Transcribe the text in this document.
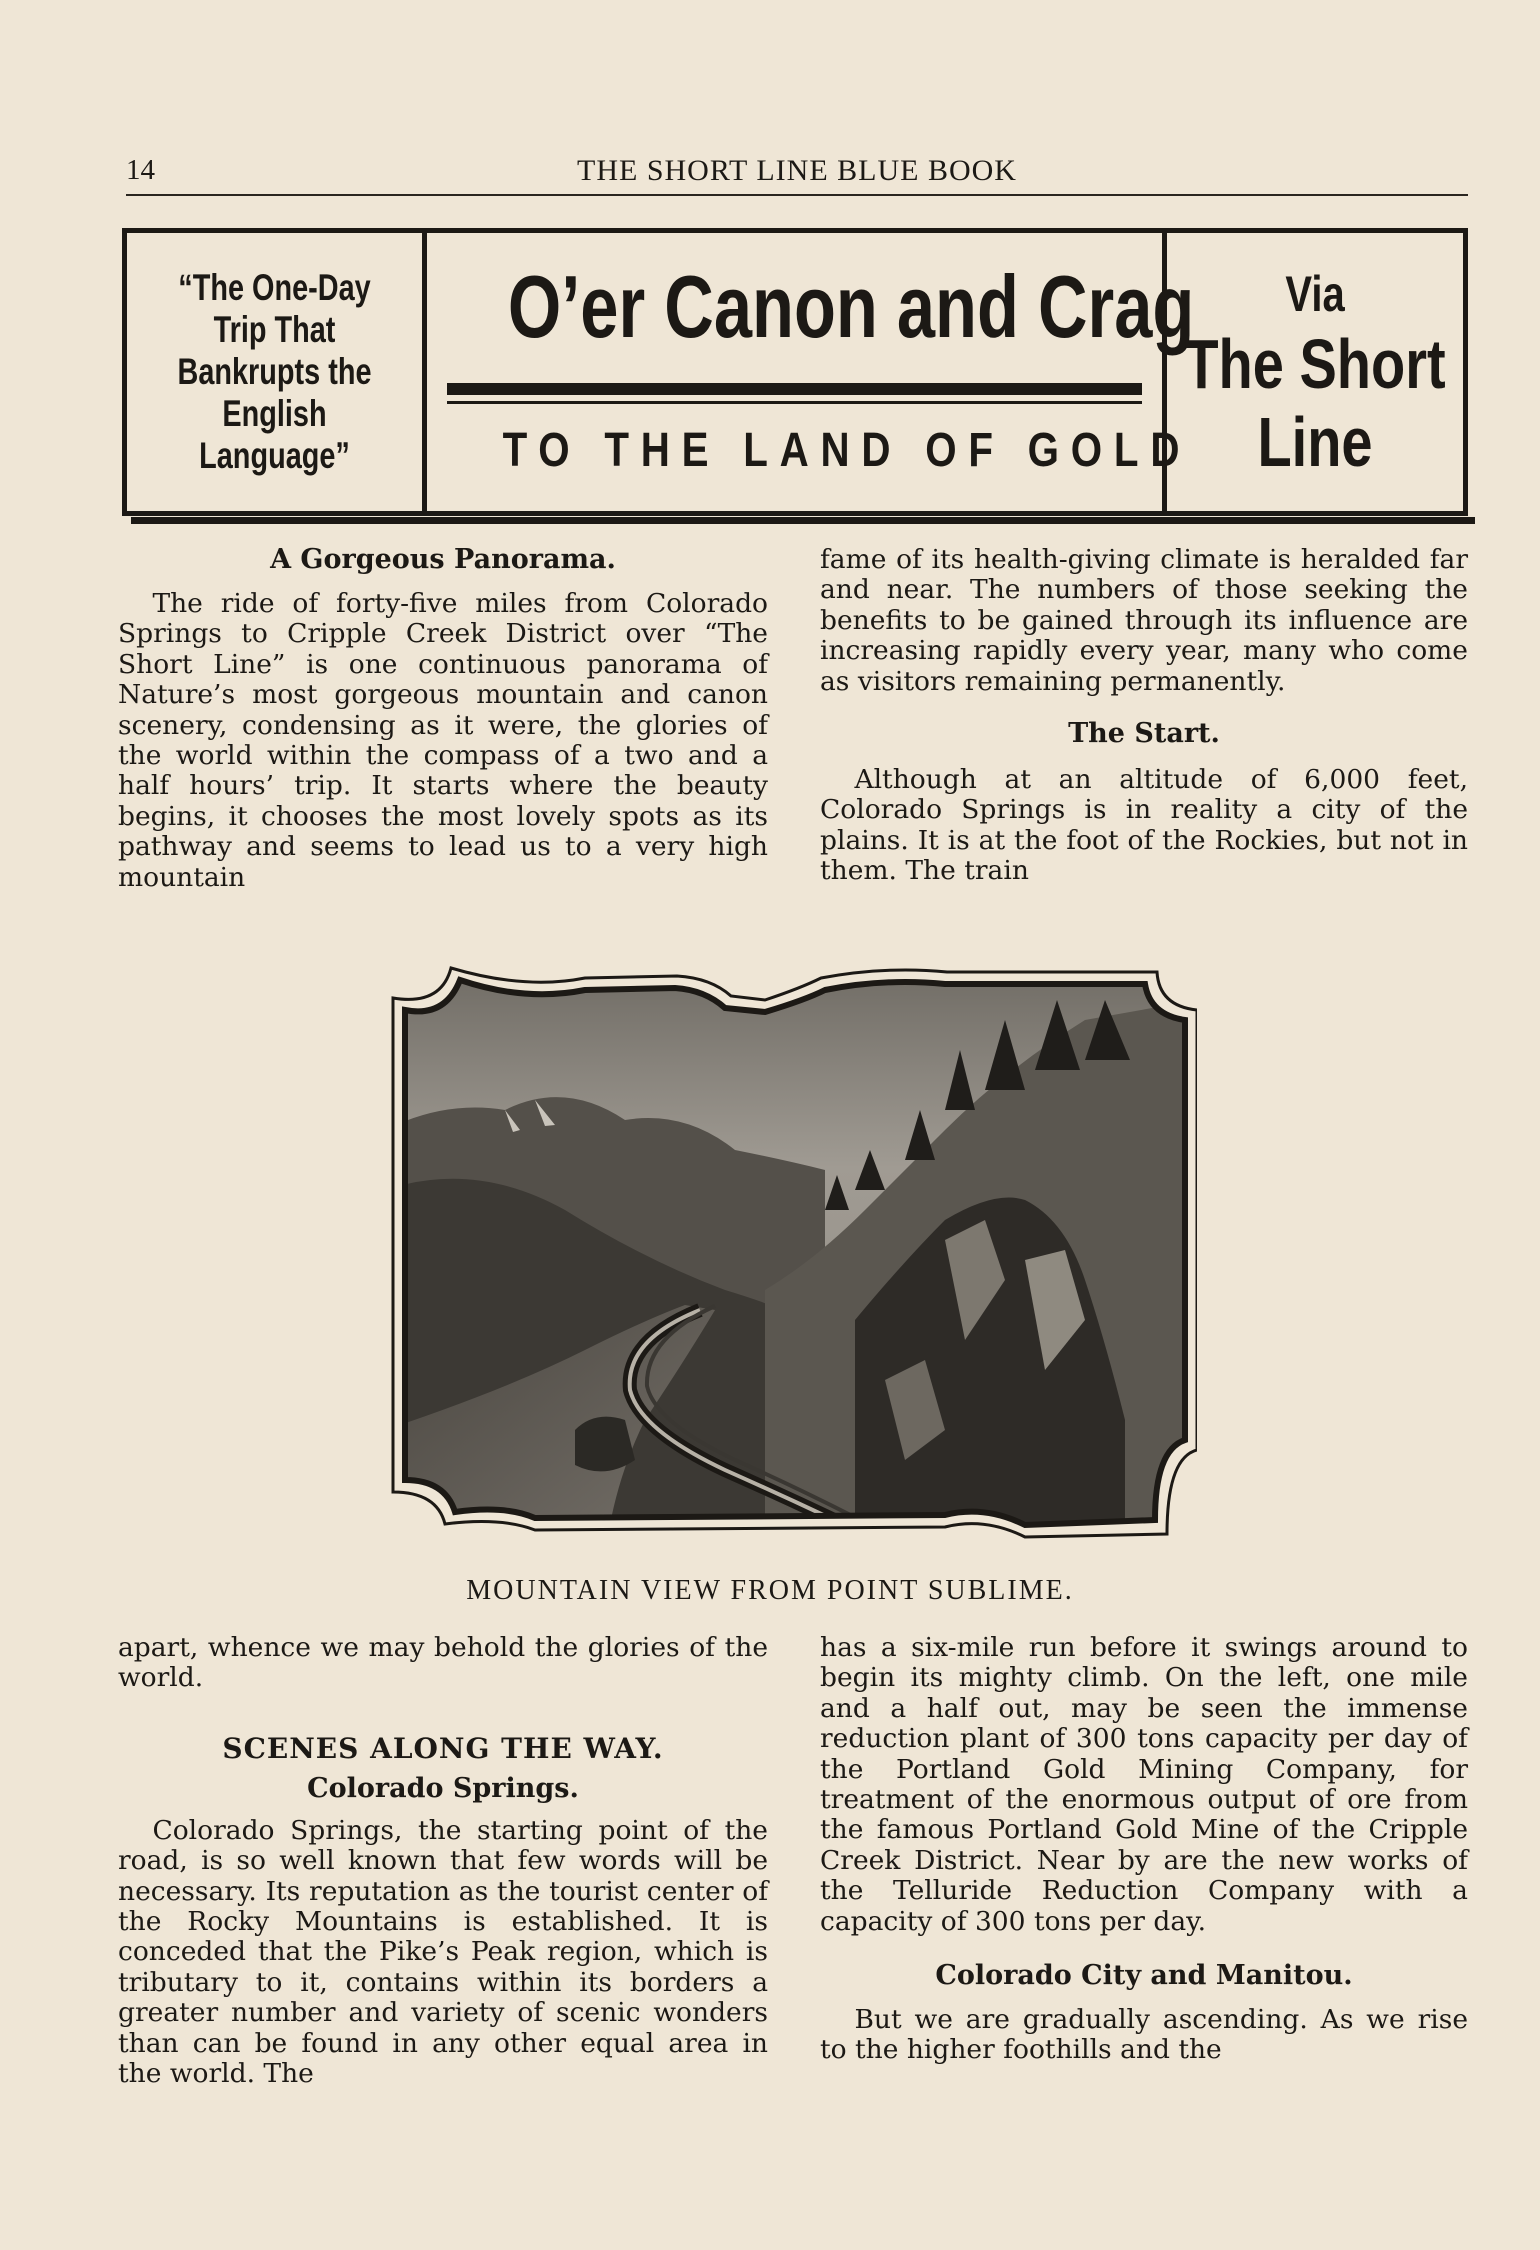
14	THE SHORT LINE BLUE BOOK
“The One-Day Trip That Bankrupts the English Language”
O’er Canon and Crag
TO THE LAND OF GOLD
Via
The Short Line
A Gorgeous Panorama.

The ride of forty-five miles from Colorado Springs to Cripple Creek District over “The Short Line” is one continuous panorama of Nature’s most gorgeous mountain and canon scenery, condensing as it were, the glories of the world within the compass of a two and a half hours’ trip. It starts where the beauty begins, it chooses the most lovely spots as its pathway and seems to lead us to a very high mountain

fame of its health-giving climate is heralded far and near. The numbers of those seeking the benefits to be gained through its influence are increasing rapidly every year, many who come as visitors remaining permanently.

The Start.

Although at an altitude of 6,000 feet, Colorado Springs is in reality a city of the plains. It is at the foot of the Rockies, but not in them. The train

MOUNTAIN VIEW FROM POINT SUBLIME.

apart, whence we may behold the glories of the world.

SCENES ALONG THE WAY.
Colorado Springs.

Colorado Springs, the starting point of the road, is so well known that few words will be necessary. Its reputation as the tourist center of the Rocky Mountains is established. It is conceded that the Pike’s Peak region, which is tributary to it, contains within its borders a greater number and variety of scenic wonders than can be found in any other equal area in the world. The

has a six-mile run before it swings around to begin its mighty climb. On the left, one mile and a half out, may be seen the immense reduction plant of 300 tons capacity per day of the Portland Gold Mining Company, for treatment of the enormous output of ore from the famous Portland Gold Mine of the Cripple Creek District. Near by are the new works of the Telluride Reduction Company with a capacity of 300 tons per day.

Colorado City and Manitou.

But we are gradually ascending. As we rise to the higher foothills and the
